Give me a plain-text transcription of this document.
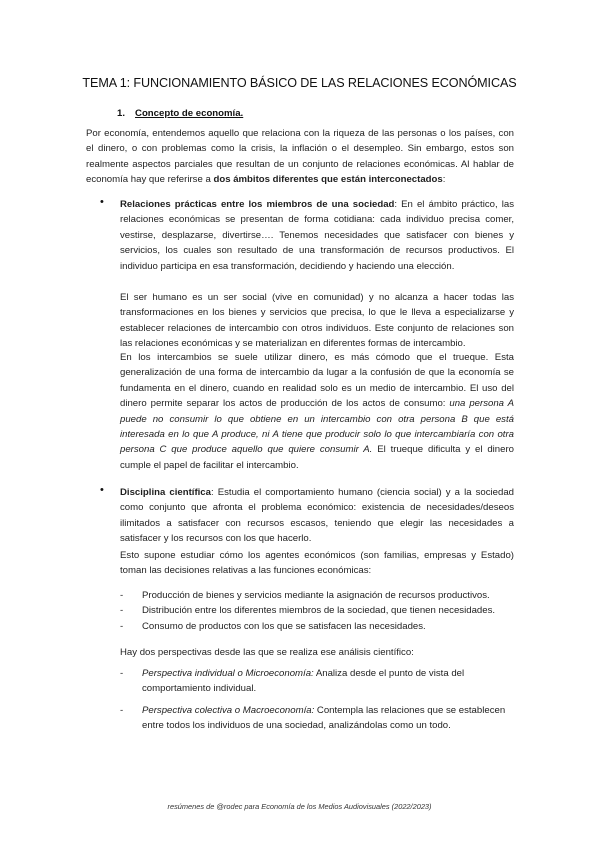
TEMA 1: FUNCIONAMIENTO BÁSICO DE LAS RELACIONES ECONÓMICAS
1. Concepto de economía.
Por economía, entendemos aquello que relaciona con la riqueza de las personas o los países, con el dinero, o con problemas como la crisis, la inflación o el desempleo. Sin embargo, estos son realmente aspectos parciales que resultan de un conjunto de relaciones económicas. Al hablar de economía hay que referirse a dos ámbitos diferentes que están interconectados:
• Relaciones prácticas entre los miembros de una sociedad: En el ámbito práctico, las relaciones económicas se presentan de forma cotidiana: cada individuo precisa comer, vestirse, desplazarse, divertirse…. Tenemos necesidades que satisfacer con bienes y servicios, los cuales son resultado de una transformación de recursos productivos. El individuo participa en esa transformación, decidiendo y haciendo una elección.
El ser humano es un ser social (vive en comunidad) y no alcanza a hacer todas las transformaciones en los bienes y servicios que precisa, lo que le lleva a especializarse y establecer relaciones de intercambio con otros individuos. Este conjunto de relaciones son las relaciones económicas y se materializan en diferentes formas de intercambio.
En los intercambios se suele utilizar dinero, es más cómodo que el trueque. Esta generalización de una forma de intercambio da lugar a la confusión de que la economía se fundamenta en el dinero, cuando en realidad solo es un medio de intercambio. El uso del dinero permite separar los actos de producción de los actos de consumo: una persona A puede no consumir lo que obtiene en un intercambio con otra persona B que está interesada en lo que A produce, ni A tiene que producir solo lo que intercambiaría con otra persona C que produce aquello que quiere consumir A. El trueque dificulta y el dinero cumple el papel de facilitar el intercambio.
• Disciplina científica: Estudia el comportamiento humano (ciencia social) y a la sociedad como conjunto que afronta el problema económico: existencia de necesidades/deseos ilimitados a satisfacer con recursos escasos, teniendo que elegir las necesidades a satisfacer y los recursos con los que hacerlo.
Esto supone estudiar cómo los agentes económicos (son familias, empresas y Estado) toman las decisiones relativas a las funciones económicas:
- Producción de bienes y servicios mediante la asignación de recursos productivos.
- Distribución entre los diferentes miembros de la sociedad, que tienen necesidades.
- Consumo de productos con los que se satisfacen las necesidades.
Hay dos perspectivas desde las que se realiza ese análisis científico:
- Perspectiva individual o Microeconomía: Analiza desde el punto de vista del comportamiento individual.
- Perspectiva colectiva o Macroeconomía: Contempla las relaciones que se establecen entre todos los individuos de una sociedad, analizándolas como un todo.
resúmenes de @rodec para Economía de los Medios Audiovisuales (2022/2023)
